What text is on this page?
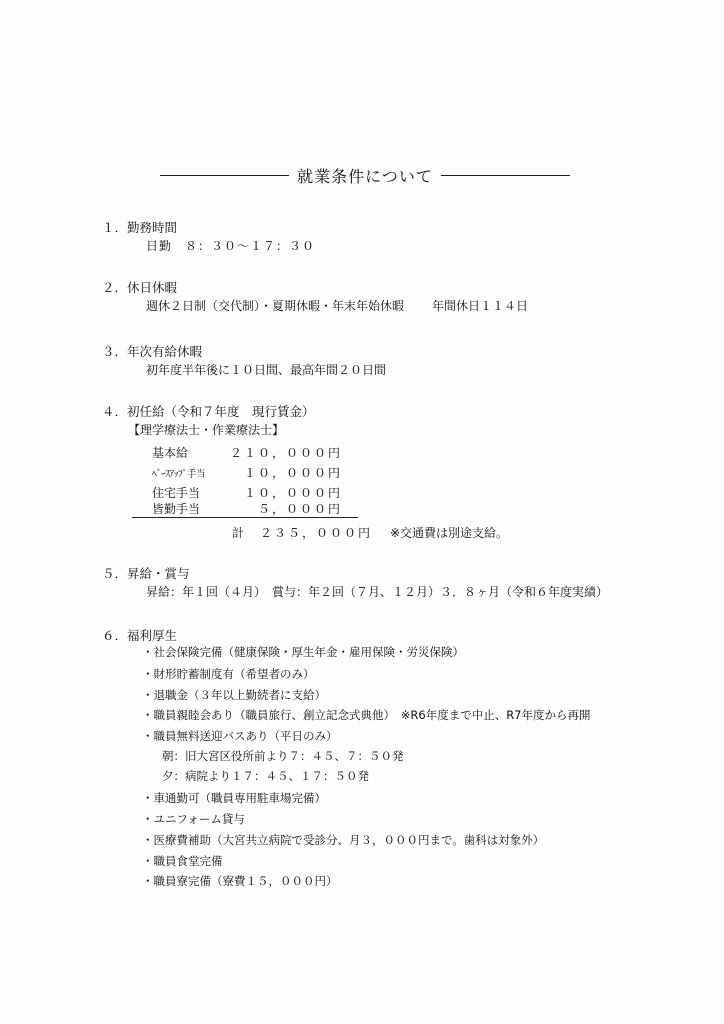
就業条件について
１．勤務時間
日勤　８：３０〜１７：３０
２．休日休暇
週休２日制（交代制）・夏期休暇・年末年始休暇 年間休日１１４日
３．年次有給休暇
初年度半年後に１０日間、最高年間２０日間
４．初任給（令和７年度　現行賃金）
【理学療法士・作業療法士】
基本給	２１０，０００円
ﾍﾞｰｽｱｯﾌﾟ手当	１０，０００円
住宅手当	１０，０００円
皆勤手当	５，０００円
計　２３５，０００円 ※交通費は別途支給。
５．昇給・賞与
昇給：年１回（４月）　賞与：年２回（７月、１２月）３．８ヶ月（令和６年度実績）
６．福利厚生
・社会保険完備（健康保険・厚生年金・雇用保険・労災保険）
・財形貯蓄制度有（希望者のみ）
・退職金（３年以上勤続者に支給）
・職員親睦会あり（職員旅行、創立記念式典他）　※R6年度まで中止、R7年度から再開
・職員無料送迎バスあり（平日のみ）
朝：旧大宮区役所前より７：４５、７：５０発
夕：病院より１７：４５、１７：５０発
・車通勤可（職員専用駐車場完備）
・ユニフォーム貸与
・医療費補助（大宮共立病院で受診分、月３，０００円まで。歯科は対象外）
・職員食堂完備
・職員寮完備（寮費１５，０００円）
